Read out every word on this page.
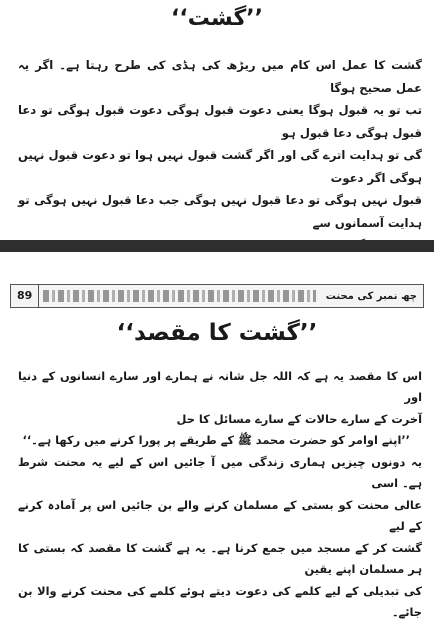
’’گشت‘‘
گشت کا عمل اس کام میں ریڑھ کی ہڈی کی طرح رہتا ہے۔ اگر یہ عمل صحیح ہوگا
تب تو یہ قبول ہوگا یعنی دعوت قبول ہوگی دعوت قبول ہوگی تو دعا قبول ہوگی دعا قبول ہو
گی تو ہدایت اترے گی اور اگر گشت قبول نہیں ہوا تو دعوت قبول نہیں ہوگی اگر دعوت
قبول نہیں ہوگی تو دعا قبول نہیں ہوگی جب دعا قبول نہیں ہوگی تو ہدایت آسمانوں سے
چھ نمبر کی محنت
89
’’گشت کا مقصد‘‘
اس کا مقصد یہ ہے کہ اللہ جل شانہ نے ہمارے اور سارے انسانوں کے دنیا اور
آخرت کے سارے حالات کے سارے مسائل کا حل
’’اپنے اوامر کو حضرت محمد ﷺ کے طریقے پر پورا کرنے میں رکھا ہے۔‘‘
یہ دونوں چیزیں ہماری زندگی میں آ جائیں اس کے لیے یہ محنت شرط ہے۔ اسی
عالی محنت کو بستی کے مسلمان کرنے والے بن جائیں اس پر آمادہ کرنے کے لیے
گشت کر کے مسجد میں جمع کرنا ہے۔ یہ ہے گشت کا مقصد کہ بستی کا ہر مسلمان اپنے یقین
کی تبدیلی کے لیے کلمے کی دعوت دیتے ہوئے کلمے کی محنت کرنے والا بن جائے۔
